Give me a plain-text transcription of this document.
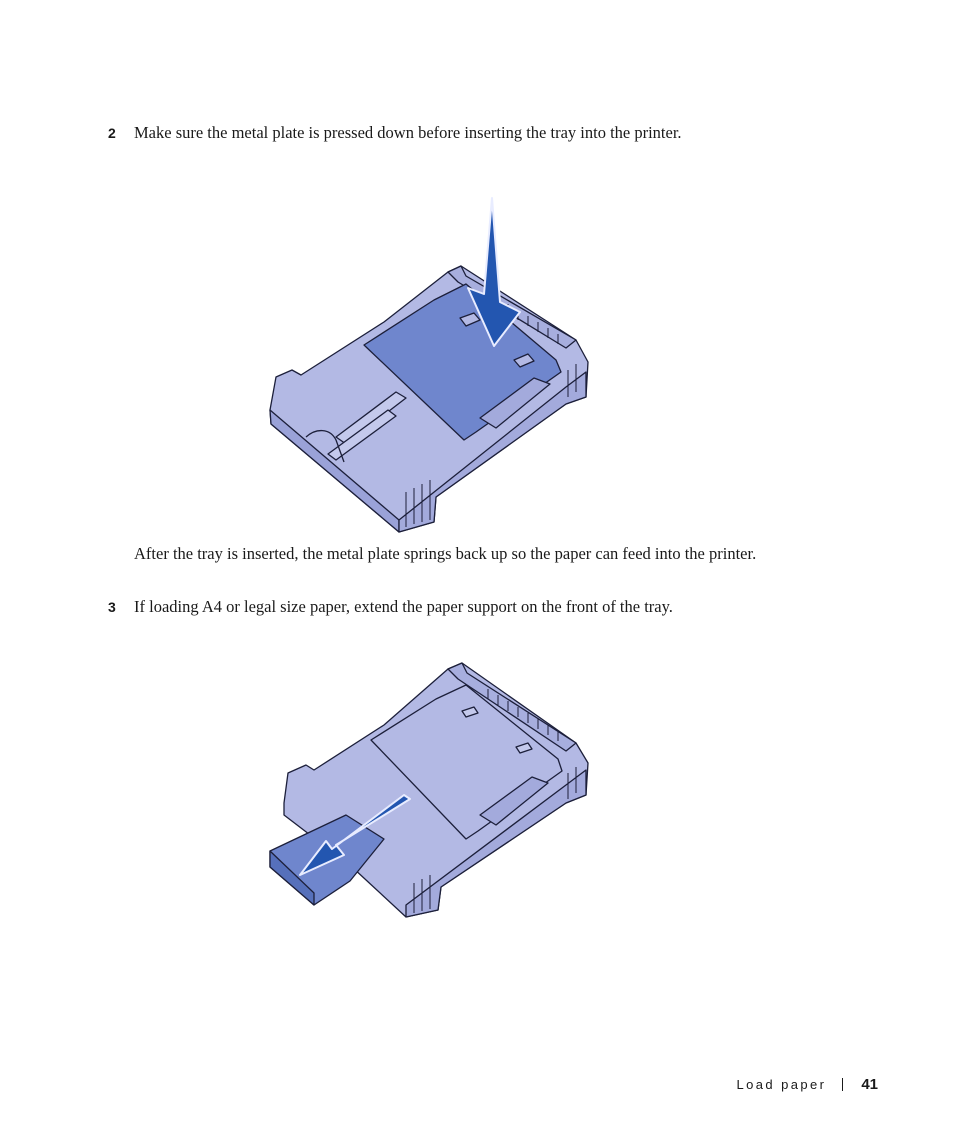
2 Make sure the metal plate is pressed down before inserting the tray into the printer.
After the tray is inserted, the metal plate springs back up so the paper can feed into the printer.
3 If loading A4 or legal size paper, extend the paper support on the front of the tray.
Load paper 41
